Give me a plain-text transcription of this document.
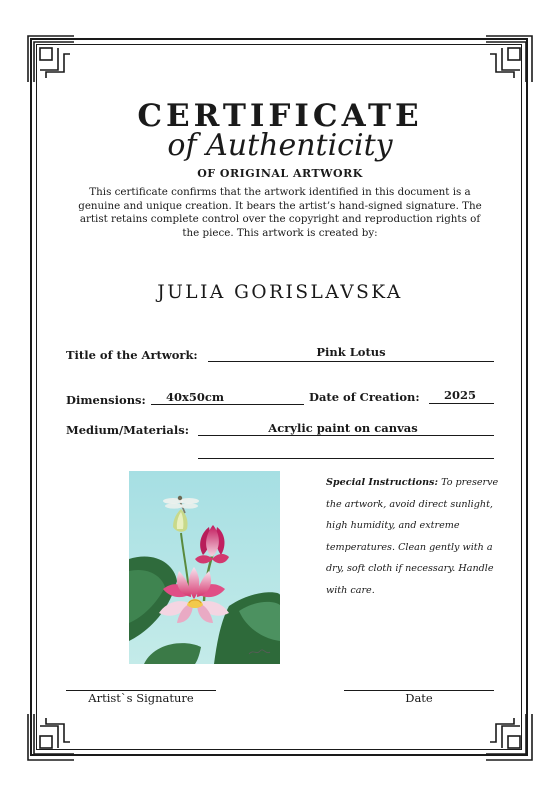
CERTIFICATE
of Authenticity
OF ORIGINAL ARTWORK
This certificate confirms that the artwork identified in this document is a genuine and unique creation. It bears the artist’s hand-signed signature. The artist retains complete control over the copyright and reproduction rights of the piece. This artwork is created by:
JULIA GORISLAVSKA
Title of the Artwork:	Pink Lotus
Dimensions:	40x50cm	Date of Creation:	2025
Medium/Materials:	Acrylic paint on canvas
Special Instructions: To preserve the artwork, avoid direct sunlight, high humidity, and extreme temperatures. Clean gently with a dry, soft cloth if necessary. Handle with care.
Artist`s Signature	Date
